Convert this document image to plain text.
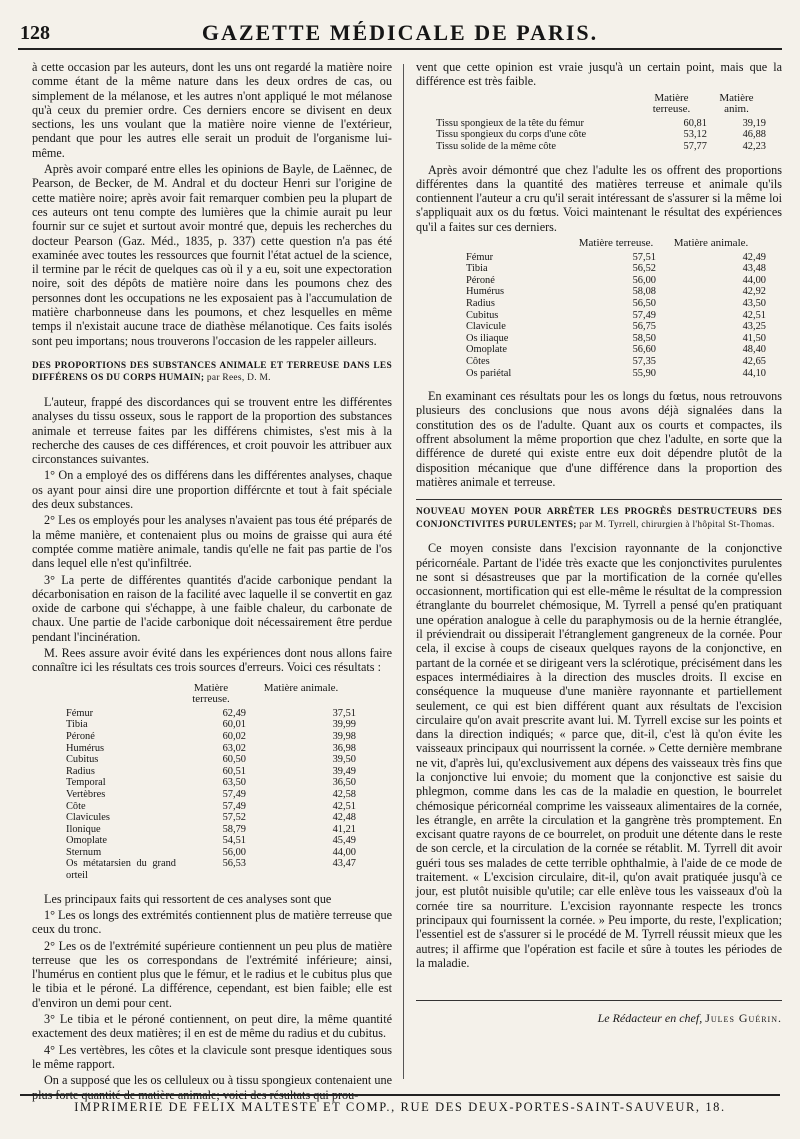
128	GAZETTE MÉDICALE DE PARIS.

à cette occasion par les auteurs, dont les uns ont regardé la matière noire comme étant de la même nature dans les deux ordres de cas, ou simplement de la mélanose, et les autres n'ont appliqué le mot mélanose qu'à ceux du premier ordre. Ces derniers encore se divisent en deux sections, les uns voulant que la matière noire vienne de l'extérieur, pendant que pour les autres elle serait un produit de l'organisme lui-même.

Après avoir comparé entre elles les opinions de Bayle, de Laënnec, de Pearson, de Becker, de M. Andral et du docteur Henri sur l'origine de cette matière noire; après avoir fait remarquer combien peu la plupart de ces auteurs ont tenu compte des lumières que la chimie aurait pu leur fournir sur ce sujet et surtout avoir montré que, depuis les recherches du docteur Pearson (Gaz. Méd., 1835, p. 337) cette question n'a pas été examinée avec toutes les ressources que fournit l'état actuel de la science, il termine par le récit de quelques cas où il y a eu, soit une expectoration noire, soit des dépôts de matière noire dans les poumons chez des personnes dont les occupations ne les exposaient pas à l'accumulation de matière charbonneuse dans les poumons, et chez lesquelles en même temps il n'existait aucune trace de diathèse mélanotique. Ces faits isolés sont peu importans; nous trouverons l'occasion de les rappeler ailleurs.

DES PROPORTIONS DES SUBSTANCES ANIMALE ET TERREUSE DANS LES DIFFÉRENS OS DU CORPS HUMAIN; par Rees, D. M.

L'auteur, frappé des discordances qui se trouvent entre les différentes analyses du tissu osseux, sous le rapport de la proportion des substances animale et terreuse faites par les différens chimistes, s'est mis à la recherche des causes de ces différences, et croit pouvoir les attribuer aux circonstances suivantes.

1° On a employé des os différens dans les différentes analyses, chaque os ayant pour ainsi dire une proportion différcnte et tout à fait spéciale des deux substances.

2° Les os employés pour les analyses n'avaient pas tous été préparés de la même manière, et contenaient plus ou moins de graisse qui aura été comptée comme matière animale, tandis qu'elle ne fait pas partie de l'os dans lequel elle n'est qu'infiltrée.

3° La perte de différentes quantités d'acide carbonique pendant la décarbonisation en raison de la facilité avec laquelle il se convertit en gaz oxide de carbone qui s'échappe, à une faible chaleur, du carbonate de chaux. Une partie de l'acide carbonique doit nécessairement être perdue pendant l'incinération.

M. Rees assure avoir évité dans les expériences dont nous allons faire connaître ici les résultats ces trois sources d'erreurs. Voici ces résultats :

	Matière terreuse.	Matière animale.
Fémur	62,49	37,51
Tibia	60,01	39,99
Péroné	60,02	39,98
Humérus	63,02	36,98
Cubitus	60,50	39,50
Radius	60,51	39,49
Temporal	63,50	36,50
Vertèbres	57,49	42,58
Côte	57,49	42,51
Clavicules	57,52	42,48
Ilonique	58,79	41,21
Omoplate	54,51	45,49
Sternum	56,00	44,00
Os métatarsien du grand orteil	56,53	43,47

Les principaux faits qui ressortent de ces analyses sont que

1° Les os longs des extrémités contiennent plus de matière terreuse que ceux du tronc.

2° Les os de l'extrémité supérieure contiennent un peu plus de matière terreuse que les os correspondans de l'extrémité inférieure; ainsi, l'humérus en contient plus que le fémur, et le radius et le cubitus plus que le tibia et le péroné. La différence, cependant, est bien faible; elle est d'environ un demi pour cent.

3° Le tibia et le péroné contiennent, on peut dire, la même quantité exactement des deux matières; il en est de même du radius et du cubitus.

4° Les vertèbres, les côtes et la clavicule sont presque identiques sous le même rapport.

On a supposé que les os celluleux ou à tissu spongieux contenaient une plus forte quantité de matière animale; voici des résultats qui prou-

vent que cette opinion est vraie jusqu'à un certain point, mais que la différence est très faible.

	Matière terreuse.	Matière anim.
Tissu spongieux de la tête du fémur	60,81	39,19
Tissu spongieux du corps d'une côte	53,12	46,88
Tissu solide de la même côte	57,77	42,23

Après avoir démontré que chez l'adulte les os offrent des proportions différentes dans la quantité des matières terreuse et animale qu'ils contiennent l'auteur a cru qu'il serait intéressant de s'assurer si la même loi s'appliquait aux os du fœtus. Voici maintenant le résultat des expériences qu'il a faites sur ces derniers.

	Matière terreuse.	Matière animale.
Fémur	57,51	42,49
Tibia	56,52	43,48
Péroné	56,00	44,00
Humérus	58,08	42,92
Radius	56,50	43,50
Cubitus	57,49	42,51
Clavicule	56,75	43,25
Os iliaque	58,50	41,50
Omoplate	56,60	48,40
Côtes	57,35	42,65
Os pariétal	55,90	44,10

En examinant ces résultats pour les os longs du fœtus, nous retrouvons plusieurs des conclusions que nous avons déjà signalées dans la constitution des os de l'adulte. Quant aux os courts et compactes, ils offrent absolument la même proportion que chez l'adulte, en sorte que la différence de dureté qui existe entre eux doit dépendre plutôt de la disposition mécanique que d'une différence dans la proportion des matières animale et terreuse.

NOUVEAU MOYEN POUR ARRÊTER LES PROGRÈS DESTRUCTEURS DES CONJONCTIVITES PURULENTES; par M. Tyrrell, chirurgien à l'hôpital St-Thomas.

Ce moyen consiste dans l'excision rayonnante de la conjonctive péricornéale. Partant de l'idée très exacte que les conjonctivites purulentes ne sont si désastreuses que par la mortification de la cornée qu'elles occasionnent, mortification qui est elle-même le résultat de la compression étranglante du bourrelet chémosique, M. Tyrrell a pensé qu'en pratiquant une opération analogue à celle du paraphymosis ou de la hernie étranglée, il préviendrait ou dissiperait l'étranglement gangreneux de la cornée. Pour cela, il excise à coups de ciseaux quelques rayons de la conjonctive, en partant de la cornée et se dirigeant vers la sclérotique, précisément dans les espaces intermédiaires à la direction des muscles droits. Il excise en conséquence la muqueuse d'une manière rayonnante et partiellement seulement, ce qui est bien différent quant aux résultats de l'excision circulaire qu'on avait prescrite avant lui. M. Tyrrell excise sur les points et dans la direction indiqués; « parce que, dit-il, c'est là qu'on évite les vaisseaux principaux qui nourrissent la cornée. » Cette dernière membrane ne vit, d'après lui, qu'exclusivement aux dépens des vaisseaux très fins que la conjonctive lui envoie; du moment que la conjonctive est saisie du phlegmon, comme dans les cas de la maladie en question, le bourrelet chémosique péricornéal comprime les vaisseaux alimentaires de la cornée, les étrangle, en arrête la circulation et la gangrène très promptement. En excisant quatre rayons de ce bourrelet, on produit une détente dans le reste de son cercle, et la circulation de la cornée se rétablit. M. Tyrrell dit avoir guéri tous ses malades de cette terrible ophthalmie, à l'aide de ce mode de traitement. « L'excision circulaire, dit-il, qu'on avait pratiquée jusqu'à ce jour, est plutôt nuisible qu'utile; car elle enlève tous les vaisseaux d'où la cornée tire sa nourriture. L'excision rayonnante respecte les troncs principaux qui fournissent la cornée. » Peu importe, du reste, l'explication; l'essentiel est de s'assurer si le procédé de M. Tyrrell réussit mieux que les autres; il affirme que l'opération est facile et sûre à toutes les périodes de la maladie.

Le Rédacteur en chef, Jules Guérin.
IMPRIMERIE DE FELIX MALTESTE ET COMP., RUE DES DEUX-PORTES-SAINT-SAUVEUR, 18.
